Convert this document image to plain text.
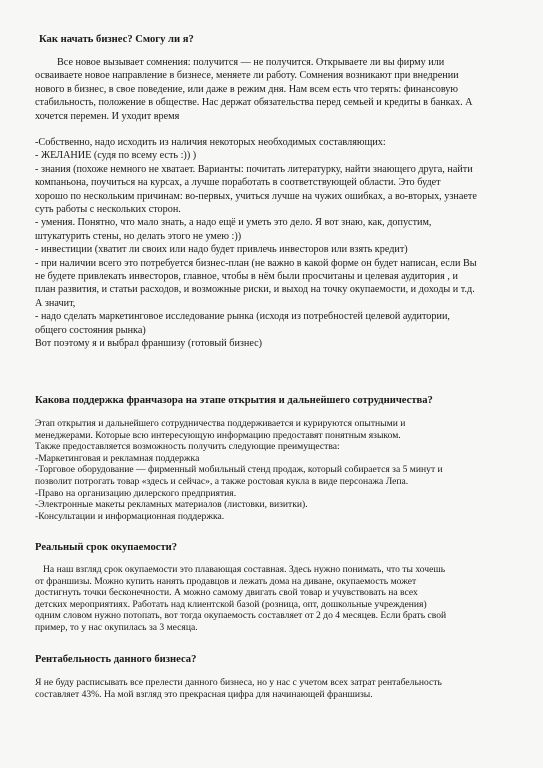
Как начать бизнес? Смогу ли я?
Все новое вызывает сомнения: получится — не получится. Открываете ли вы фирму или
осваиваете новое направление в бизнесе, меняете ли работу. Сомнения возникают при внедрении
нового в бизнес, в свое поведение, или даже в режим дня. Нам всем есть что терять: финансовую
стабильность, положение в обществе. Нас держат обязательства перед семьей и кредиты в банках. А
хочется перемен. И уходит время
-Собственно, надо исходить из наличия некоторых необходимых составляющих:
- ЖЕЛАНИЕ (судя по всему есть :)) )
- знания (похоже немного не хватает. Варианты: почитать литературку, найти знающего друга, найти
компаньона, поучиться на курсах, а лучше поработать в соответствующей области. Это будет
хорошо по нескольким причинам: во-первых, учиться лучше на чужих ошибках, а во-вторых, узнаете
суть работы с нескольких сторон.
- умения. Понятно, что мало знать, а надо ещё и уметь это дело. Я вот знаю, как, допустим,
штукатурить стены, но делать этого не умею :))
- инвестиции (хватит ли своих или надо будет привлечь инвесторов или взять кредит)
- при наличии всего это потребуется бизнес-план (не важно в какой форме он будет написан, если Вы
не будете привлекать инвесторов, главное, чтобы в нём были просчитаны и целевая аудитория , и
план развития, и статьи расходов, и возможные риски, и выход на точку окупаемости, и доходы и т.д.
А значит,
- надо сделать маркетинговое исследование рынка (исходя из потребностей целевой аудитории,
общего состояния рынка)
Вот поэтому я и выбрал франшизу (готовый бизнес)
Какова поддержка франчазора на этапе открытия и дальнейшего сотрудничества?
Этап открытия и дальнейшего сотрудничества поддерживается и курируются опытными и
менеджерами. Которые всю интересующую информацию предоставят понятным языком.
Также предоставляется возможность получить следующие преимущества:
-Маркетинговая и рекламная поддержка
-Торговое оборудование — фирменный мобильный стенд продаж, который собирается за 5 минут и
позволит потрогать товар «здесь и сейчас», а также ростовая кукла в виде персонажа Лепа.
-Право на организацию дилерского предприятия.
-Электронные макеты рекламных материалов (листовки, визитки).
-Консультации и информационная поддержка.
Реальный срок окупаемости?
На наш взгляд срок окупаемости это плавающая составная. Здесь нужно понимать, что ты хочешь
от франшизы. Можно купить нанять продавцов и лежать дома на диване, окупаемость может
достигнуть точки бесконечности. А можно самому двигать свой товар и учувствовать на всех
детских мероприятиях. Работать над клиентской базой (розница, опт, дошкольные учреждения)
одним словом нужно потопать, вот тогда окупаемость составляет от 2 до 4 месяцев. Если брать свой
пример, то у нас окупилась за 3 месяца.
Рентабельность данного бизнеса?
Я не буду расписывать все прелести данного бизнеса, но у нас с учетом всех затрат рентабельность
составляет 43%. На мой взгляд это прекрасная цифра для начинающей франшизы.
